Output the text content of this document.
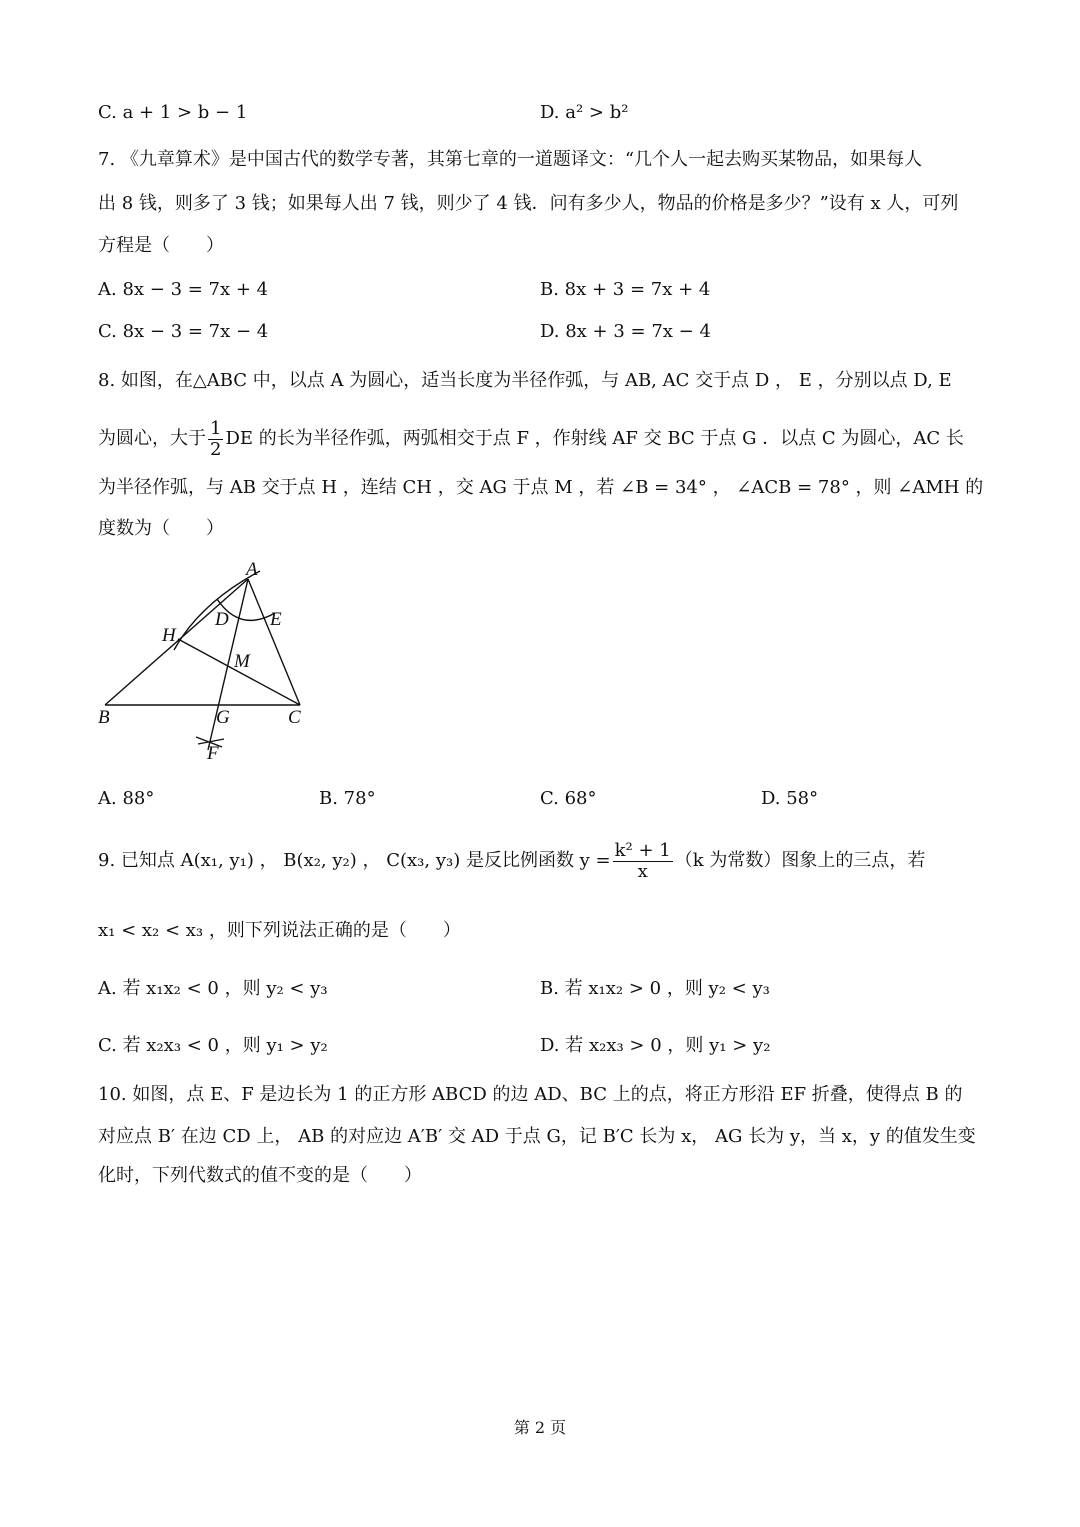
C. a + 1 > b − 1	D. a² > b²
7. 《九章算术》是中国古代的数学专著，其第七章的一道题译文：“几个人一起去购买某物品，如果每人
出 8 钱，则多了 3 钱；如果每人出 7 钱，则少了 4 钱．问有多少人，物品的价格是多少？”设有 x 人，可列
方程是（　　）
A. 8x − 3 = 7x + 4	B. 8x + 3 = 7x + 4
C. 8x − 3 = 7x − 4	D. 8x + 3 = 7x − 4
8. 如图，在△ABC 中，以点 A 为圆心，适当长度为半径作弧，与 AB, AC 交于点 D ， E ，分别以点 D, E
为圆心，大于 $\frac{1}{2}$ DE 的长为半径作弧，两弧相交于点 F ，作射线 AF 交 BC 于点 G ．以点 C 为圆心，AC 长
为半径作弧，与 AB 交于点 H ，连结 CH ，交 AG 于点 M ，若 ∠B = 34° ， ∠ACB = 78° ，则 ∠AMH 的
度数为（　　）
A
D E
H
M
B	G	C
F
A. 88°	B. 78°	C. 68°	D. 58°
9. 已知点 A(x₁, y₁) ， B(x₂, y₂) ， C(x₃, y₃) 是反比例函数 $y = \frac{\text{k² + 1}}{x} (k$ 为常数）图象上的三点，若
x₁ < x₂ < x₃ ，则下列说法正确的是（　　）
A. 若 x₁x₂ < 0 ，则 y₂ < y₃	B. 若 x₁x₂ > 0 ，则 y₂ < y₃
C. 若 x₂x₃ < 0 ，则 y₁ > y₂	D. 若 x₂x₃ > 0 ，则 y₁ > y₂
10. 如图，点 E、F 是边长为 1 的正方形 ABCD 的边 AD、BC 上的点，将正方形沿 EF 折叠，使得点 B 的
对应点 B′ 在边 CD 上， AB 的对应边 A′B′ 交 AD 于点 G，记 B′C 长为 x， AG 长为 y，当 x，y 的值发生变
化时，下列代数式的值不变的是（　　）
第 2 页
